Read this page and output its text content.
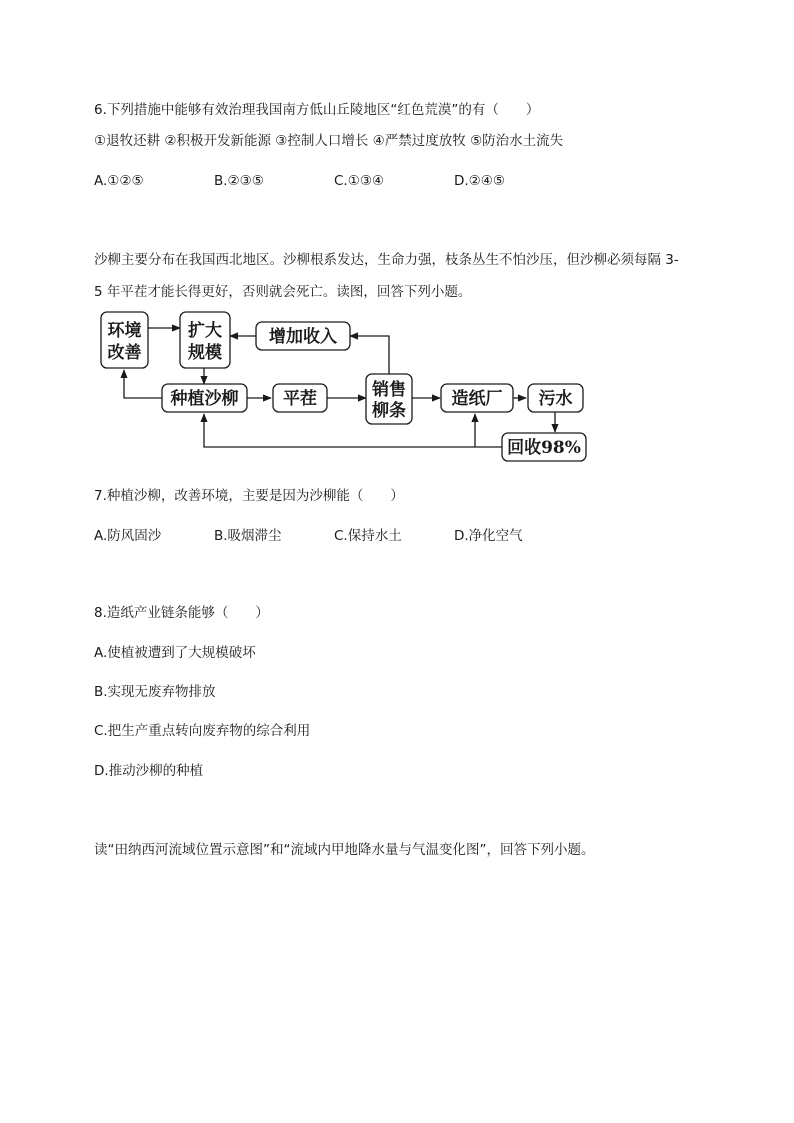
6.下列措施中能够有效治理我国南方低山丘陵地区“红色荒漠”的有（　　）
①退牧还耕 ②积极开发新能源 ③控制人口增长 ④严禁过度放牧 ⑤防治水土流失
A.①②⑤	B.②③⑤	C.①③④	D.②④⑤
沙柳主要分布在我国西北地区。沙柳根系发达，生命力强，枝条丛生不怕沙压，但沙柳必须每隔 3-
5 年平茬才能长得更好，否则就会死亡。读图，回答下列小题。
环境
改善
扩大
规模
增加收入
种植沙柳	平茬	销售
柳条
造纸厂 污水
回收98%
7.种植沙柳，改善环境，主要是因为沙柳能（　　）
A.防风固沙	B.吸烟滞尘	C.保持水土	D.净化空气
8.造纸产业链条能够（　　）
A.使植被遭到了大规模破坏
B.实现无废弃物排放
C.把生产重点转向废弃物的综合利用
D.推动沙柳的种植
读“田纳西河流域位置示意图”和“流域内甲地降水量与气温变化图”，回答下列小题。
